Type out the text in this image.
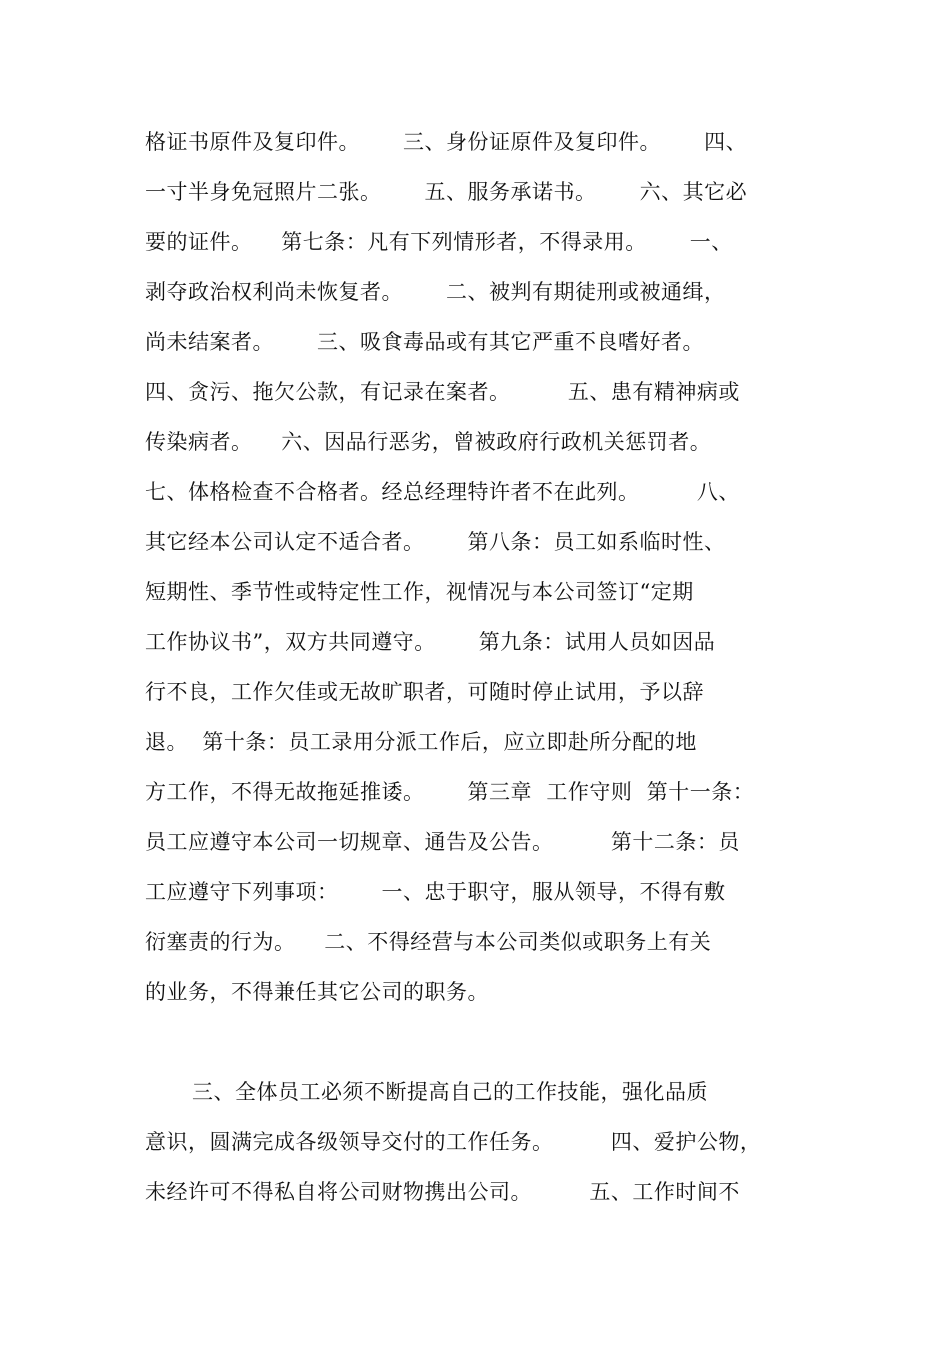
格证书原件及复印件。      三、身份证原件及复印件。      四、
一寸半身免冠照片二张。      五、服务承诺书。      六、其它必
要的证件。    第七条：凡有下列情形者，不得录用。      一、
剥夺政治权利尚未恢复者。      二、被判有期徒刑或被通缉，
尚未结案者。      三、吸食毒品或有其它严重不良嗜好者。
四、贪污、拖欠公款，有记录在案者。        五、患有精神病或
传染病者。    六、因品行恶劣，曾被政府行政机关惩罚者。
七、体格检查不合格者。经总经理特许者不在此列。        八、
其它经本公司认定不适合者。      第八条：员工如系临时性、
短期性、季节性或特定性工作，视情况与本公司签订“定期
工作协议书”，双方共同遵守。      第九条：试用人员如因品
行不良，工作欠佳或无故旷职者，可随时停止试用，予以辞
退。  第十条：员工录用分派工作后，应立即赴所分配的地
方工作，不得无故拖延推诿。      第三章  工作守则  第十一条：
员工应遵守本公司一切规章、通告及公告。        第十二条：员
工应遵守下列事项：      一、忠于职守，服从领导，不得有敷
衍塞责的行为。    二、不得经营与本公司类似或职务上有关
的业务，不得兼任其它公司的职务。
三、全体员工必须不断提高自己的工作技能，强化品质
意识，圆满完成各级领导交付的工作任务。        四、爱护公物，
未经许可不得私自将公司财物携出公司。        五、工作时间不
